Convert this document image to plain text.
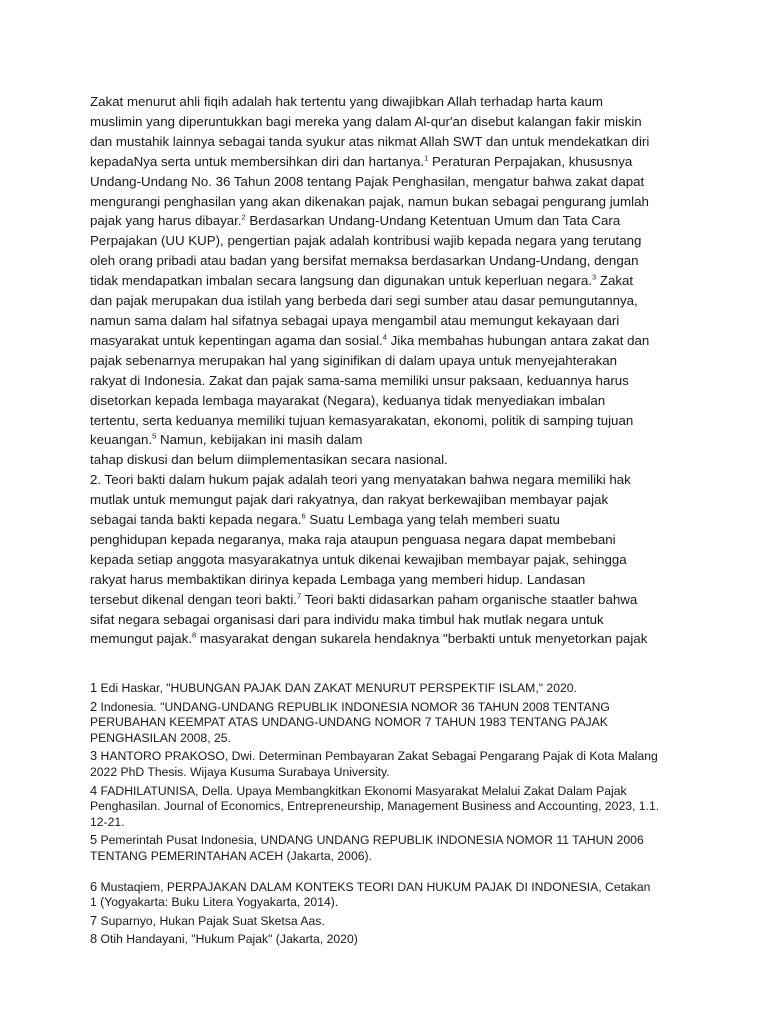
Zakat menurut ahli fiqih adalah hak tertentu yang diwajibkan Allah terhadap harta kaum
muslimin yang diperuntukkan bagi mereka yang dalam Al-qur'an disebut kalangan fakir miskin
dan mustahik lainnya sebagai tanda syukur atas nikmat Allah SWT dan untuk mendekatkan diri
kepadaNya serta untuk membersihkan diri dan hartanya.$^1$ Peraturan Perpajakan, khususnya
Undang-Undang No. 36 Tahun 2008 tentang Pajak Penghasilan, mengatur bahwa zakat dapat
mengurangi penghasilan yang akan dikenakan pajak, namun bukan sebagai pengurang jumlah
pajak yang harus dibayar.$^2$ Berdasarkan Undang-Undang Ketentuan Umum dan Tata Cara
Perpajakan (UU KUP), pengertian pajak adalah kontribusi wajib kepada negara yang terutang
oleh orang pribadi atau badan yang bersifat memaksa berdasarkan Undang-Undang, dengan
tidak mendapatkan imbalan secara langsung dan digunakan untuk keperluan negara.$^3$ Zakat
dan pajak merupakan dua istilah yang berbeda dari segi sumber atau dasar pemungutannya,
namun sama dalam hal sifatnya sebagai upaya mengambil atau memungut kekayaan dari
masyarakat untuk kepentingan agama dan sosial.$^4$ Jika membahas hubungan antara zakat dan
pajak sebenarnya merupakan hal yang siginifikan di dalam upaya untuk menyejahterakan
rakyat di Indonesia. Zakat dan pajak sama-sama memiliki unsur paksaan, keduannya harus
disetorkan kepada lembaga mayarakat (Negara), keduanya tidak menyediakan imbalan
tertentu, serta keduanya memiliki tujuan kemasyarakatan, ekonomi, politik di samping tujuan
keuangan.$^5$ Namun, kebijakan ini masih dalam
tahap diskusi dan belum diimplementasikan secara nasional.
2. Teori bakti dalam hukum pajak adalah teori yang menyatakan bahwa negara memiliki hak
mutlak untuk memungut pajak dari rakyatnya, dan rakyat berkewajiban membayar pajak
sebagai tanda bakti kepada negara.$^6$ Suatu Lembaga yang telah memberi suatu
penghidupan kepada negaranya, maka raja ataupun penguasa negara dapat membebani
kepada setiap anggota masyarakatnya untuk dikenai kewajiban membayar pajak, sehingga
rakyat harus membaktikan dirinya kepada Lembaga yang memberi hidup. Landasan
tersebut dikenal dengan teori bakti.$^7$ Teori bakti didasarkan paham organische staatler bahwa
sifat negara sebagai organisasi dari para individu maka timbul hak mutlak negara untuk
memungut pajak.$^8$ masyarakat dengan sukarela hendaknya "berbakti untuk menyetorkan pajak

1 Edi Haskar, "HUBUNGAN PAJAK DAN ZAKAT MENURUT PERSPEKTIF ISLAM," 2020.
2 Indonesia. "UNDANG-UNDANG REPUBLIK INDONESIA NOMOR 36 TAHUN 2008 TENTANG
PERUBAHAN KEEMPAT ATAS UNDANG-UNDANG NOMOR 7 TAHUN 1983 TENTANG PAJAK
PENGHASILAN 2008, 25.
3 HANTORO PRAKOSO, Dwi. Determinan Pembayaran Zakat Sebagai Pengarang Pajak di Kota Malang
2022 PhD Thesis. Wijaya Kusuma Surabaya University.
4 FADHILATUNISA, Della. Upaya Membangkitkan Ekonomi Masyarakat Melalui Zakat Dalam Pajak
Penghasilan. Journal of Economics, Entrepreneurship, Management Business and Accounting, 2023, 1.1.
12-21.
5 Pemerintah Pusat Indonesia, UNDANG UNDANG REPUBLIK INDONESIA NOMOR 11 TAHUN 2006
TENTANG PEMERINTAHAN ACEH (Jakarta, 2006).
6 Mustaqiem, PERPAJAKAN DALAM KONTEKS TEORI DAN HUKUM PAJAK DI INDONESIA, Cetakan
1 (Yogyakarta: Buku Litera Yogyakarta, 2014).
7 Suparnyo, Hukan Pajak Suat Sketsa Aas.
8 Otih Handayani, "Hukum Pajak" (Jakarta, 2020)
